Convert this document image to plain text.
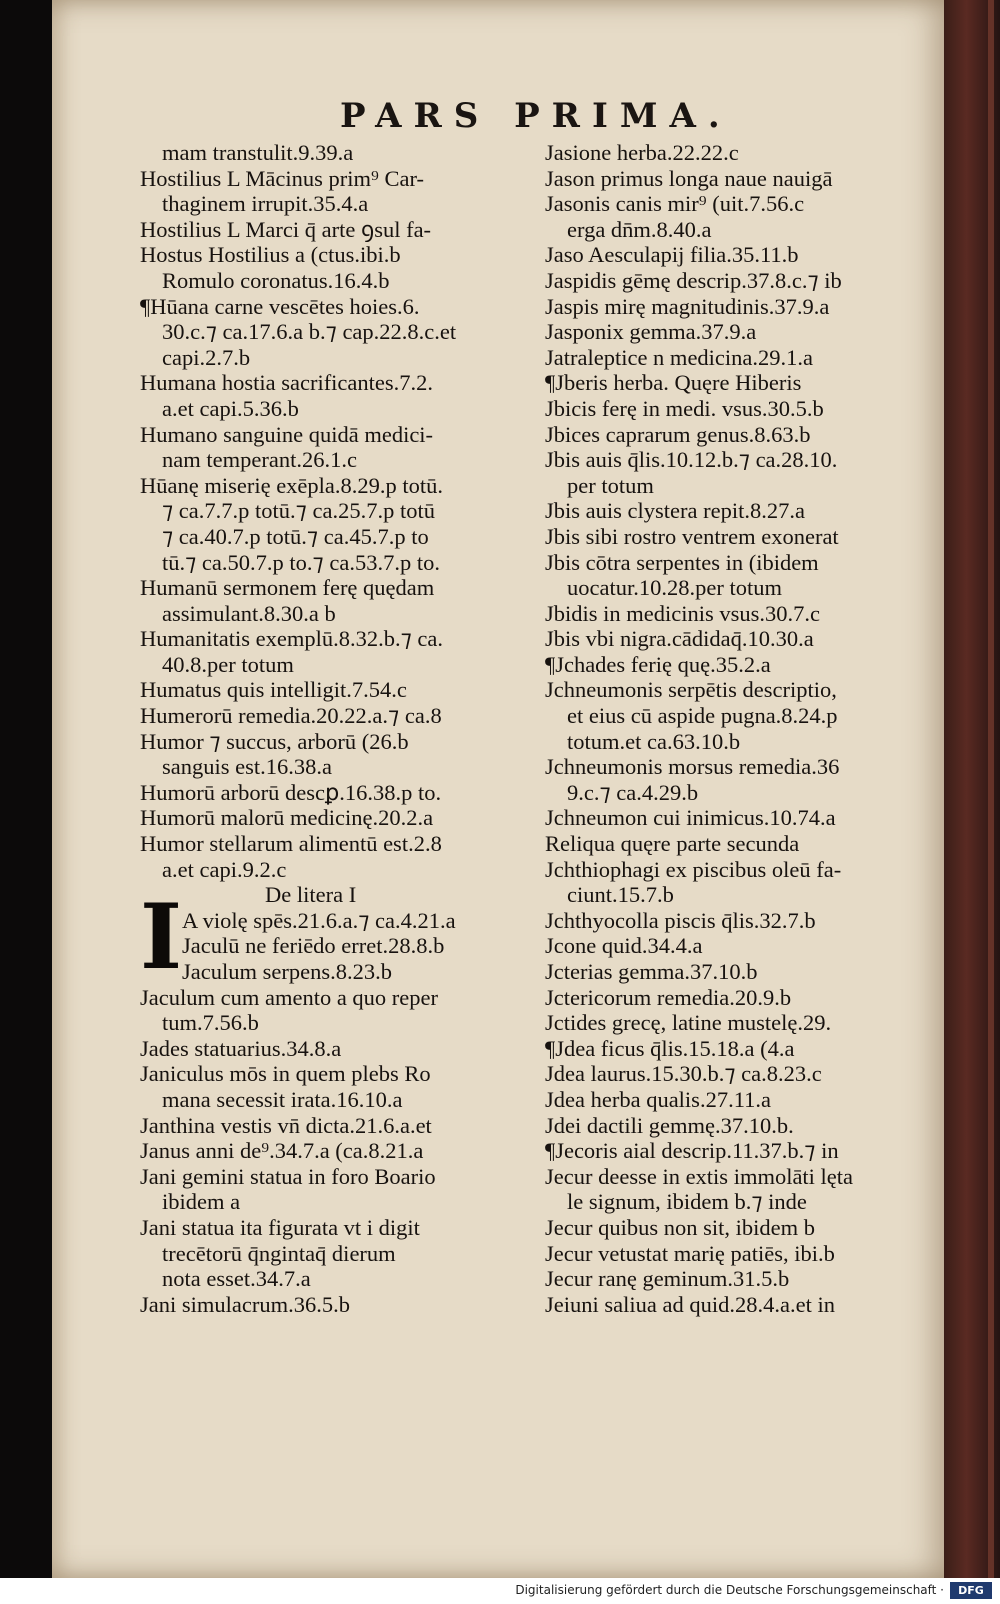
PARS PRIMA.
I
mam transtulit.9.39.a
Hostilius L Mācinus prim⁹ Car-
thaginem irrupit.35.4.a
Hostilius L Marci q̄ arte ꝯsul fa-
Hostus Hostilius a (ctus.ibi.b
Romulo coronatus.16.4.b
¶Hūana carne vescētes hoies.6.
30.c.⁊ ca.17.6.a b.⁊ cap.22.8.c.et
capi.2.7.b
Humana hostia sacrificantes.7.2.
a.et capi.5.36.b
Humano sanguine quidā medici-
nam temperant.26.1.c
Hūanę miserię exēpla.8.29.p totū.
⁊ ca.7.7.p totū.⁊ ca.25.7.p totū
⁊ ca.40.7.p totū.⁊ ca.45.7.p to
tū.⁊ ca.50.7.p to.⁊ ca.53.7.p to.
Humanū sermonem ferę quędam
assimulant.8.30.a b
Humanitatis exemplū.8.32.b.⁊ ca.
40.8.per totum
Humatus quis intelligit.7.54.c
Humerorū remedia.20.22.a.⁊ ca.8
Humor ⁊ succus, arborū (26.b
sanguis est.16.38.a
Humorū arborū descꝑ.16.38.p to.
Humorū malorū medicinę.20.2.a
Humor stellarum alimentū est.2.8
a.et capi.9.2.c
De litera I
A violę spēs.21.6.a.⁊ ca.4.21.a
Jaculū ne feriēdo erret.28.8.b
Jaculum serpens.8.23.b
Jaculum cum amento a quo reper
tum.7.56.b
Jades statuarius.34.8.a
Janiculus mōs in quem plebs Ro
mana secessit irata.16.10.a
Janthina vestis vn̄ dicta.21.6.a.et
Janus anni de⁹.34.7.a (ca.8.21.a
Jani gemini statua in foro Boario
ibidem a
Jani statua ita figurata vt i digit
trecētorū q̄ngintaq̄ dierum
nota esset.34.7.a
Jani simulacrum.36.5.b
Jasione herba.22.22.c
Jason primus longa naue nauigā
Jasonis canis mir⁹ (uit.7.56.c
erga dn̄m.8.40.a
Jaso Aesculapij filia.35.11.b
Jaspidis gēmę descrip.37.8.c.⁊ ib
Jaspis mirę magnitudinis.37.9.a
Jasponix gemma.37.9.a
Jatraleptice n medicina.29.1.a
¶Jberis herba. Quęre Hiberis
Jbicis ferę in medi. vsus.30.5.b
Jbices caprarum genus.8.63.b
Jbis auis q̄lis.10.12.b.⁊ ca.28.10.
per totum
Jbis auis clystera repit.8.27.a
Jbis sibi rostro ventrem exonerat
Jbis cōtra serpentes in (ibidem
uocatur.10.28.per totum
Jbidis in medicinis vsus.30.7.c
Jbis vbi nigra.cādidaq̄.10.30.a
¶Jchades ferię quę.35.2.a
Jchneumonis serpētis descriptio,
et eius cū aspide pugna.8.24.p
totum.et ca.63.10.b
Jchneumonis morsus remedia.36
9.c.⁊ ca.4.29.b
Jchneumon cui inimicus.10.74.a
Reliqua quęre parte secunda
Jchthiophagi ex piscibus oleū fa-
ciunt.15.7.b
Jchthyocolla piscis q̄lis.32.7.b
Jcone quid.34.4.a
Jcterias gemma.37.10.b
Jctericorum remedia.20.9.b
Jctides grecę, latine mustelę.29.
¶Jdea ficus q̄lis.15.18.a (4.a
Jdea laurus.15.30.b.⁊ ca.8.23.c
Jdea herba qualis.27.11.a
Jdei dactili gemmę.37.10.b.
¶Jecoris aial descrip.11.37.b.⁊ in
Jecur deesse in extis immolāti lęta
le signum, ibidem b.⁊ inde
Jecur quibus non sit, ibidem b
Jecur vetustat marię patiēs, ibi.b
Jecur ranę geminum.31.5.b
Jeiuni saliua ad quid.28.4.a.et in
Digitalisierung gefördert durch die Deutsche Forschungsgemeinschaft ·	DFG
